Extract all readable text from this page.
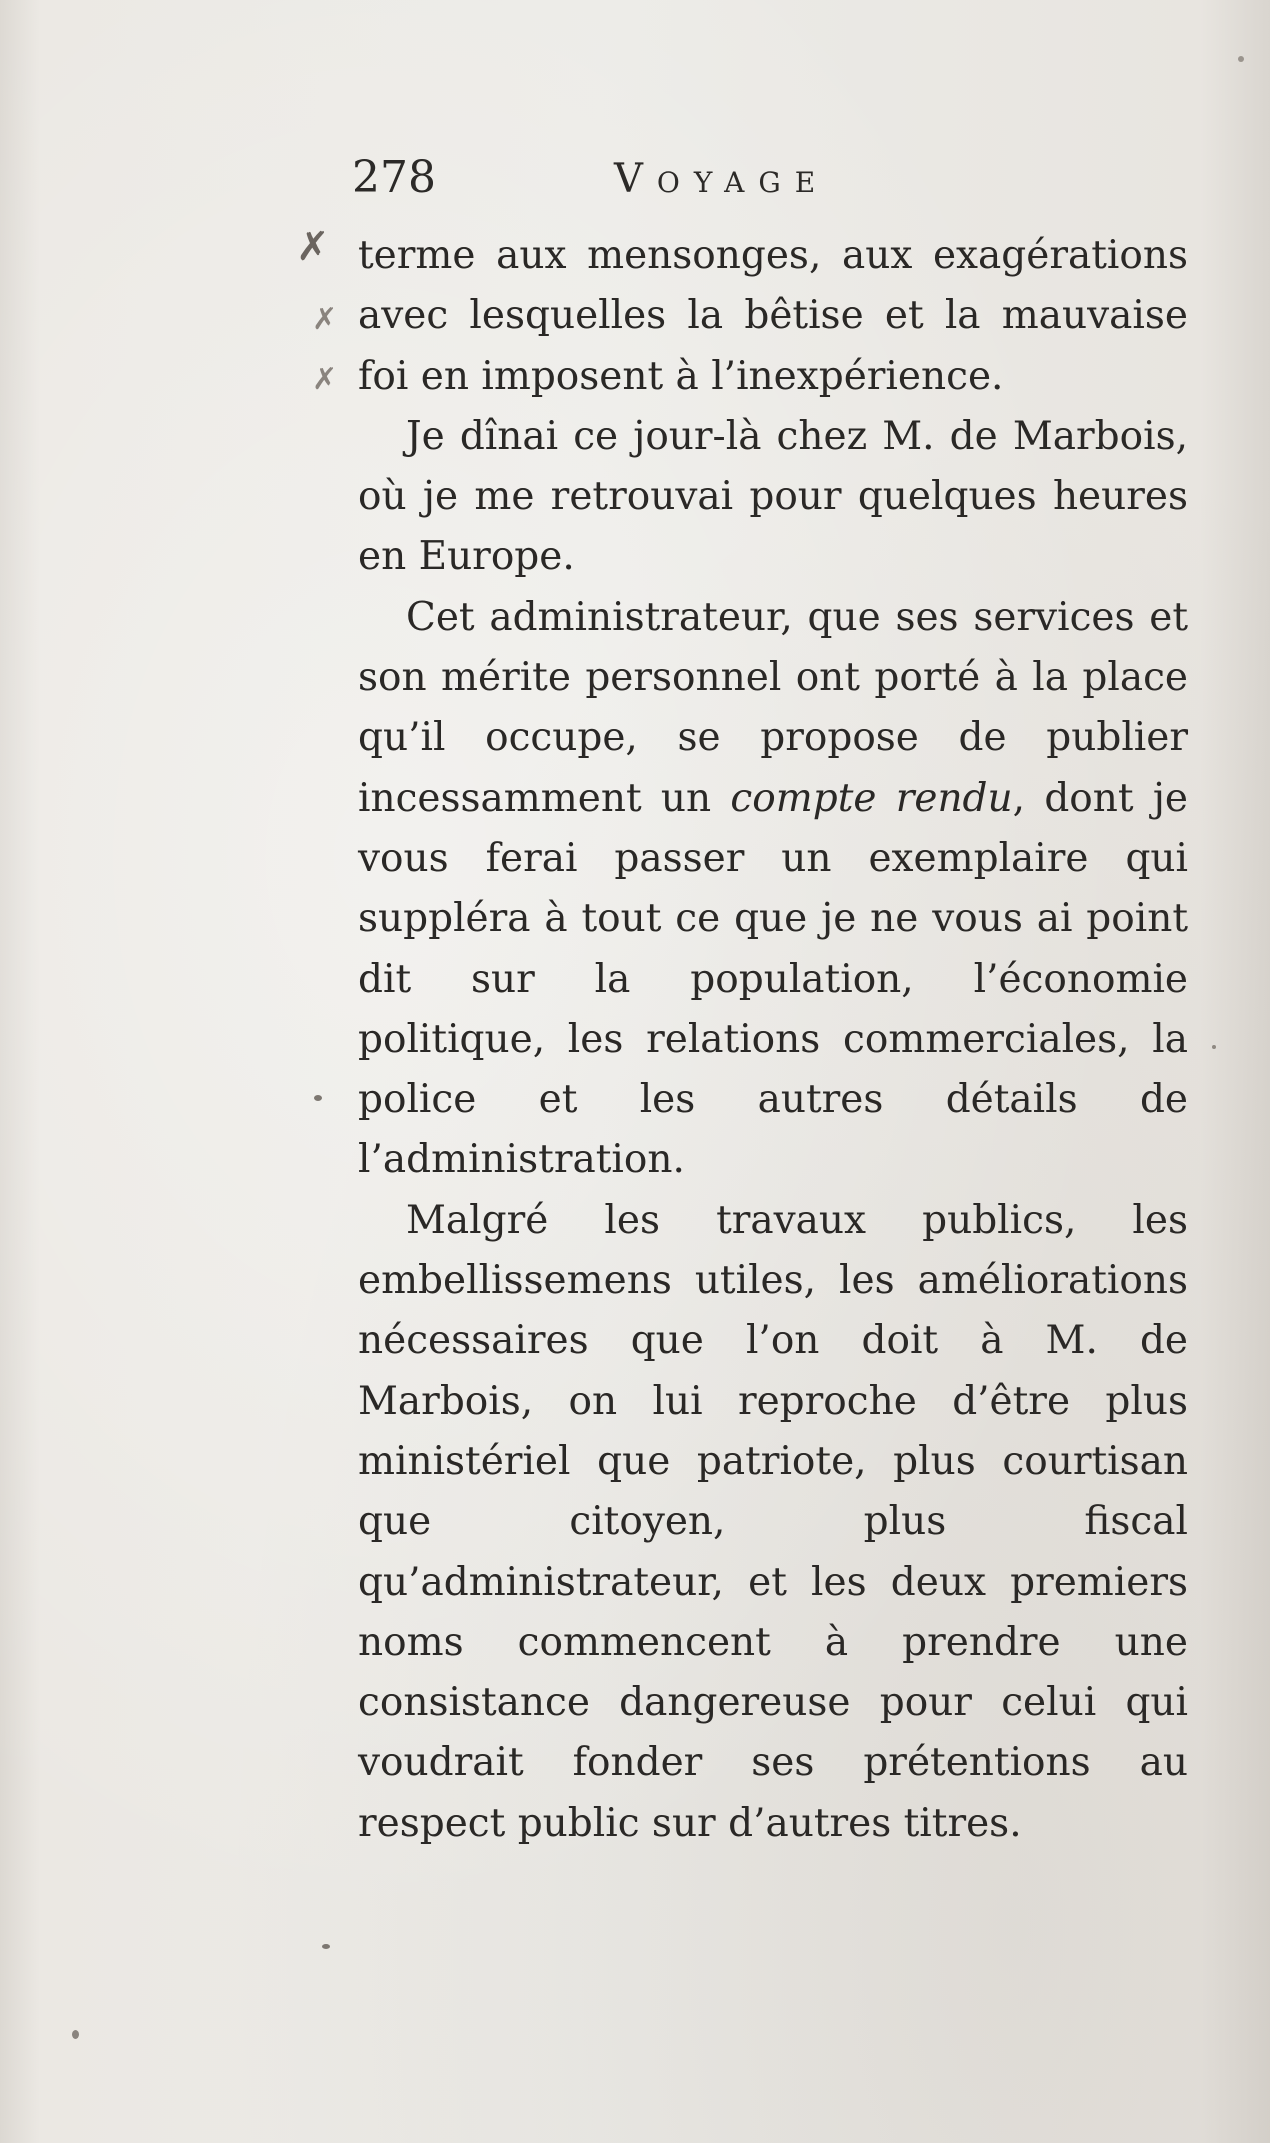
278	Voyage
✗
✗
✗

terme aux mensonges, aux exagérations avec lesquelles la bêtise et la mauvaise foi en imposent à l’inexpérience.

Je dînai ce jour-là chez M. de Marbois, où je me retrouvai pour quelques heures en Europe.

Cet administrateur, que ses services et son mérite personnel ont porté à la place qu’il occupe, se propose de publier incessamment un compte rendu, dont je vous ferai passer un exemplaire qui suppléra à tout ce que je ne vous ai point dit sur la population, l’économie politique, les relations commerciales, la police et les autres détails de l’administration.

Malgré les travaux publics, les embellissemens utiles, les améliorations nécessaires que l’on doit à M. de Marbois, on lui reproche d’être plus ministériel que patriote, plus courtisan que citoyen, plus fiscal qu’administrateur, et les deux premiers noms commencent à prendre une consistance dangereuse pour celui qui voudrait fonder ses prétentions au respect public sur d’autres titres.
